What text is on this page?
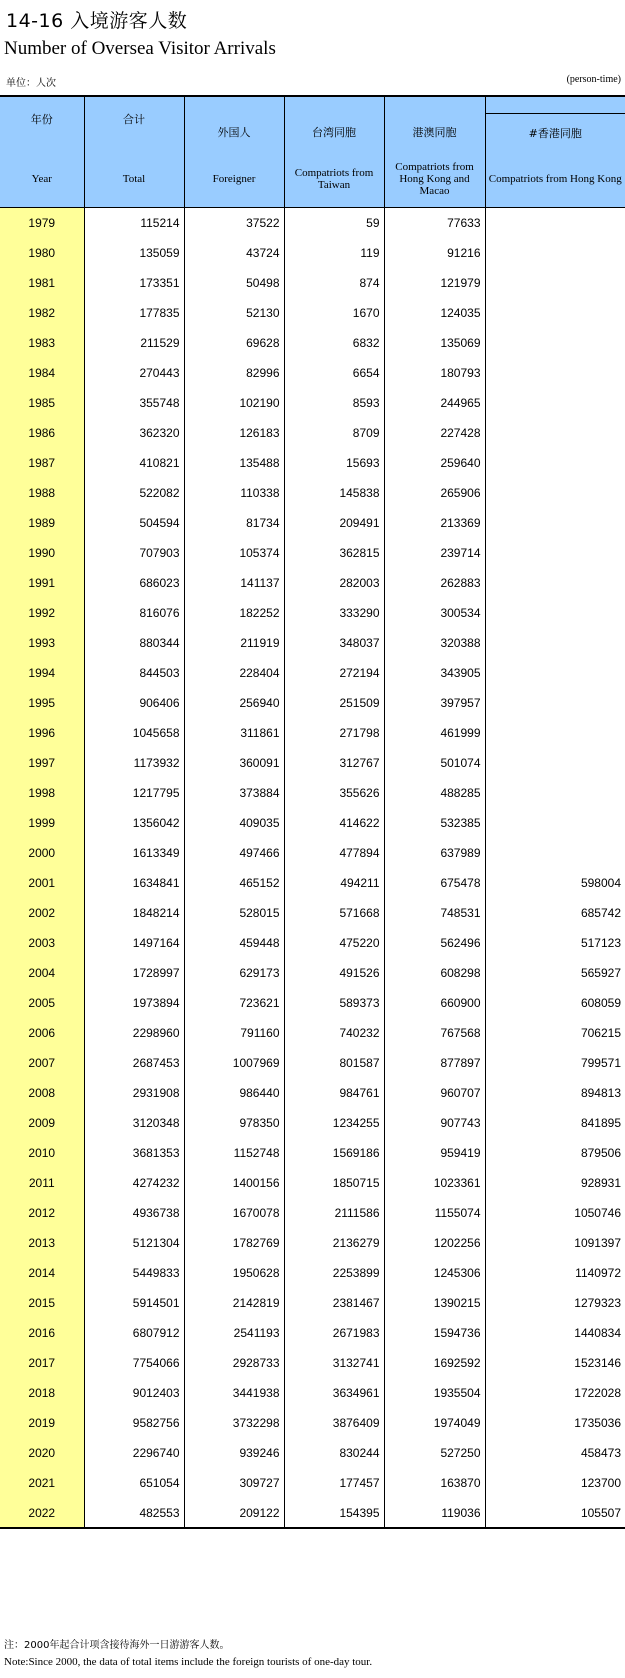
14-16 入境游客人数
Number of Oversea Visitor Arrivals
单位：人次	(person-time)
年份	合计				
		外国人	台湾同胞	港澳同胞	#香港同胞
Year	Total	Foreigner	Compatriots from Taiwan	Compatriots from Hong Kong and Macao	Compatriots from Hong Kong
1979	115214	37522	59	77633	
1980	135059	43724	119	91216	
1981	173351	50498	874	121979	
1982	177835	52130	1670	124035	
1983	211529	69628	6832	135069	
1984	270443	82996	6654	180793	
1985	355748	102190	8593	244965	
1986	362320	126183	8709	227428	
1987	410821	135488	15693	259640	
1988	522082	110338	145838	265906	
1989	504594	81734	209491	213369	
1990	707903	105374	362815	239714	
1991	686023	141137	282003	262883	
1992	816076	182252	333290	300534	
1993	880344	211919	348037	320388	
1994	844503	228404	272194	343905	
1995	906406	256940	251509	397957	
1996	1045658	311861	271798	461999	
1997	1173932	360091	312767	501074	
1998	1217795	373884	355626	488285	
1999	1356042	409035	414622	532385	
2000	1613349	497466	477894	637989	
2001	1634841	465152	494211	675478	598004
2002	1848214	528015	571668	748531	685742
2003	1497164	459448	475220	562496	517123
2004	1728997	629173	491526	608298	565927
2005	1973894	723621	589373	660900	608059
2006	2298960	791160	740232	767568	706215
2007	2687453	1007969	801587	877897	799571
2008	2931908	986440	984761	960707	894813
2009	3120348	978350	1234255	907743	841895
2010	3681353	1152748	1569186	959419	879506
2011	4274232	1400156	1850715	1023361	928931
2012	4936738	1670078	2111586	1155074	1050746
2013	5121304	1782769	2136279	1202256	1091397
2014	5449833	1950628	2253899	1245306	1140972
2015	5914501	2142819	2381467	1390215	1279323
2016	6807912	2541193	2671983	1594736	1440834
2017	7754066	2928733	3132741	1692592	1523146
2018	9012403	3441938	3634961	1935504	1722028
2019	9582756	3732298	3876409	1974049	1735036
2020	2296740	939246	830244	527250	458473
2021	651054	309727	177457	163870	123700
2022	482553	209122	154395	119036	105507
注：2000年起合计项含接待海外一日游游客人数。
Note:Since 2000, the data of total items include the foreign tourists of one-day tour.
